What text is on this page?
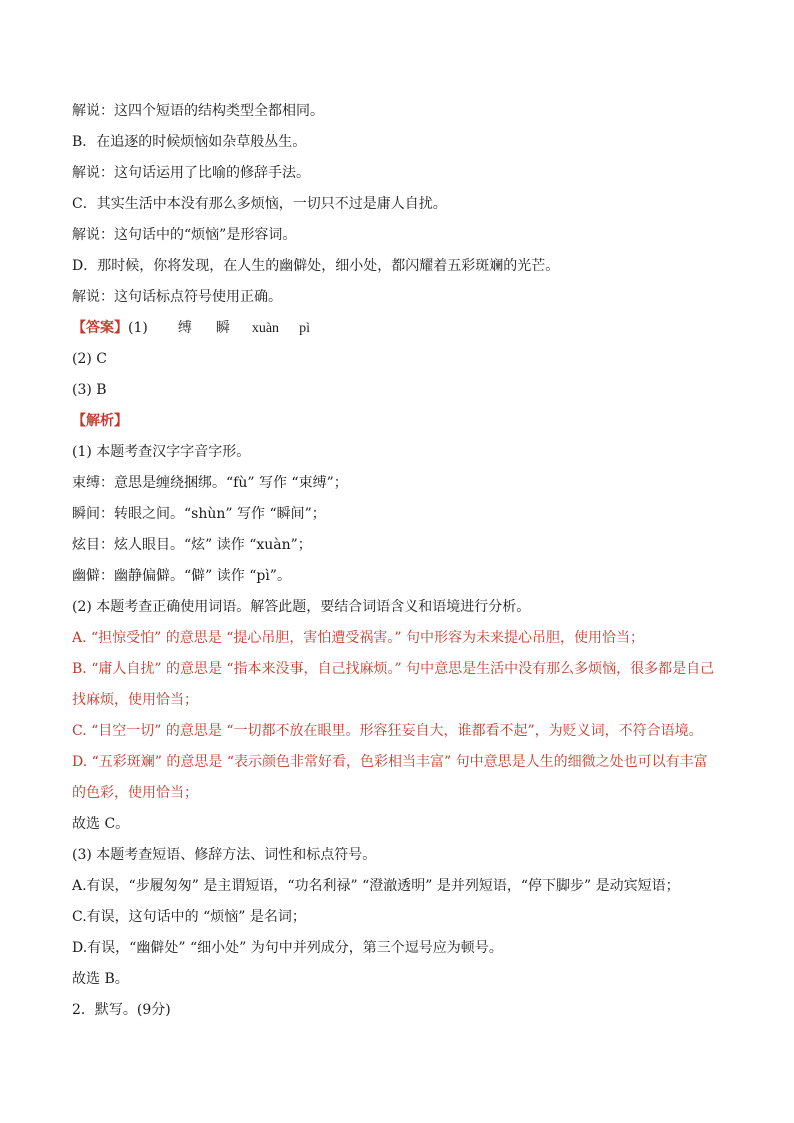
解说：这四个短语的结构类型全都相同。
B．在追逐的时候烦恼如杂草般丛生。
解说：这句话运用了比喻的修辞手法。
C．其实生活中本没有那么多烦恼，一切只不过是庸人自扰。
解说：这句话中的“烦恼”是形容词。
D．那时候，你将发现，在人生的幽僻处，细小处，都闪耀着五彩斑斓的光芒。
解说：这句话标点符号使用正确。
【答案】(1) 缚 瞬 xuàn pì
(2) C
(3) B
【解析】
(1) 本题考查汉字字音字形。
束缚：意思是缠绕捆绑。“fù” 写作 “束缚”；
瞬间：转眼之间。“shùn” 写作 “瞬间”；
炫目：炫人眼目。“炫” 读作 “xuàn”；
幽僻：幽静偏僻。“僻” 读作 “pì”。
(2) 本题考查正确使用词语。解答此题，要结合词语含义和语境进行分析。
A. “担惊受怕” 的意思是 “提心吊胆，害怕遭受祸害。” 句中形容为未来提心吊胆，使用恰当；
B. “庸人自扰” 的意思是 “指本来没事，自己找麻烦。” 句中意思是生活中没有那么多烦恼，很多都是自己
找麻烦，使用恰当；
C. “目空一切” 的意思是 “一切都不放在眼里。形容狂妄自大，谁都看不起”，为贬义词，不符合语境。
D. “五彩斑斓” 的意思是 “表示颜色非常好看，色彩相当丰富” 句中意思是人生的细微之处也可以有丰富
的色彩，使用恰当；
故选 C。
(3) 本题考查短语、修辞方法、词性和标点符号。
A.有误，“步履匆匆” 是主谓短语，“功名利禄” “澄澈透明” 是并列短语，“停下脚步” 是动宾短语；
C.有误，这句话中的 “烦恼” 是名词；
D.有误，“幽僻处” “细小处” 为句中并列成分，第三个逗号应为顿号。
故选 B。
2．默写。(9分)
